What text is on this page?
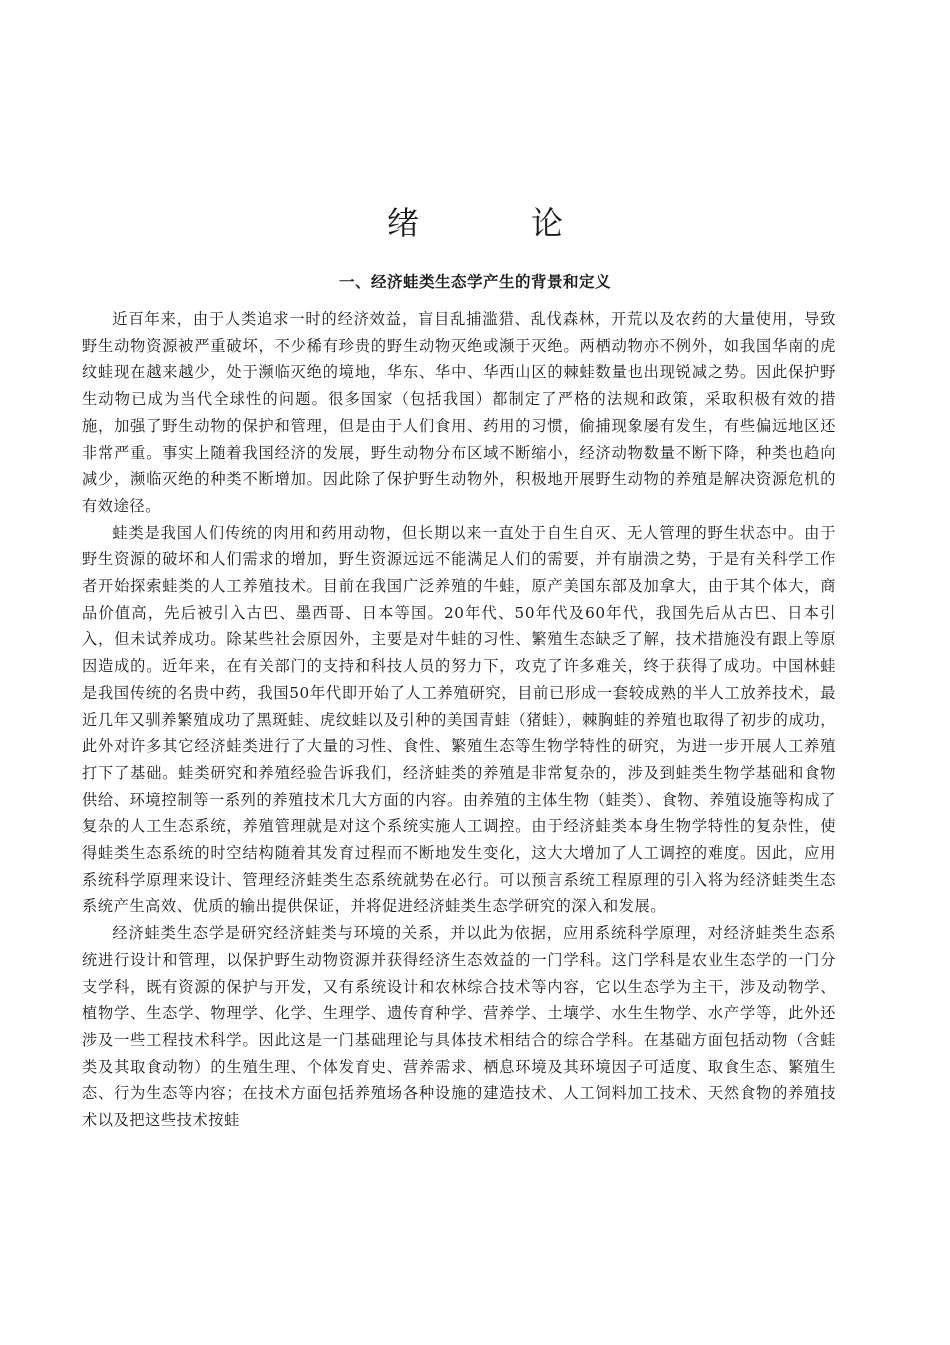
绪　论
一、经济蛙类生态学产生的背景和定义

近百年来，由于人类追求一时的经济效益，盲目乱捕滥猎、乱伐森林，开荒以及农药的大量使用，导致野生动物资源被严重破坏，不少稀有珍贵的野生动物灭绝或濒于灭绝。两栖动物亦不例外，如我国华南的虎纹蛙现在越来越少，处于濒临灭绝的境地，华东、华中、华西山区的棘蛙数量也出现锐减之势。因此保护野生动物已成为当代全球性的问题。很多国家（包括我国）都制定了严格的法规和政策，采取积极有效的措施，加强了野生动物的保护和管理，但是由于人们食用、药用的习惯，偷捕现象屡有发生，有些偏远地区还非常严重。事实上随着我国经济的发展，野生动物分布区域不断缩小，经济动物数量不断下降，种类也趋向减少，濒临灭绝的种类不断增加。因此除了保护野生动物外，积极地开展野生动物的养殖是解决资源危机的有效途径。

蛙类是我国人们传统的肉用和药用动物，但长期以来一直处于自生自灭、无人管理的野生状态中。由于野生资源的破坏和人们需求的增加，野生资源远远不能满足人们的需要，并有崩溃之势，于是有关科学工作者开始探索蛙类的人工养殖技术。目前在我国广泛养殖的牛蛙，原产美国东部及加拿大，由于其个体大，商品价值高，先后被引入古巴、墨西哥、日本等国。20年代、50年代及60年代，我国先后从古巴、日本引入，但未试养成功。除某些社会原因外，主要是对牛蛙的习性、繁殖生态缺乏了解，技术措施没有跟上等原因造成的。近年来，在有关部门的支持和科技人员的努力下，攻克了许多难关，终于获得了成功。中国林蛙是我国传统的名贵中药，我国50年代即开始了人工养殖研究，目前已形成一套较成熟的半人工放养技术，最近几年又驯养繁殖成功了黑斑蛙、虎纹蛙以及引种的美国青蛙（猪蛙），棘胸蛙的养殖也取得了初步的成功，此外对许多其它经济蛙类进行了大量的习性、食性、繁殖生态等生物学特性的研究，为进一步开展人工养殖打下了基础。蛙类研究和养殖经验告诉我们，经济蛙类的养殖是非常复杂的，涉及到蛙类生物学基础和食物供给、环境控制等一系列的养殖技术几大方面的内容。由养殖的主体生物（蛙类）、食物、养殖设施等构成了复杂的人工生态系统，养殖管理就是对这个系统实施人工调控。由于经济蛙类本身生物学特性的复杂性，使得蛙类生态系统的时空结构随着其发育过程而不断地发生变化，这大大增加了人工调控的难度。因此，应用系统科学原理来设计、管理经济蛙类生态系统就势在必行。可以预言系统工程原理的引入将为经济蛙类生态系统产生高效、优质的输出提供保证，并将促进经济蛙类生态学研究的深入和发展。

经济蛙类生态学是研究经济蛙类与环境的关系，并以此为依据，应用系统科学原理，对经济蛙类生态系统进行设计和管理，以保护野生动物资源并获得经济生态效益的一门学科。这门学科是农业生态学的一门分支学科，既有资源的保护与开发，又有系统设计和农林综合技术等内容，它以生态学为主干，涉及动物学、植物学、生态学、物理学、化学、生理学、遗传育种学、营养学、土壤学、水生生物学、水产学等，此外还涉及一些工程技术科学。因此这是一门基础理论与具体技术相结合的综合学科。在基础方面包括动物（含蛙类及其取食动物）的生殖生理、个体发育史、营养需求、栖息环境及其环境因子可适度、取食生态、繁殖生态、行为生态等内容；在技术方面包括养殖场各种设施的建造技术、人工饲料加工技术、天然食物的养殖技术以及把这些技术按蛙
